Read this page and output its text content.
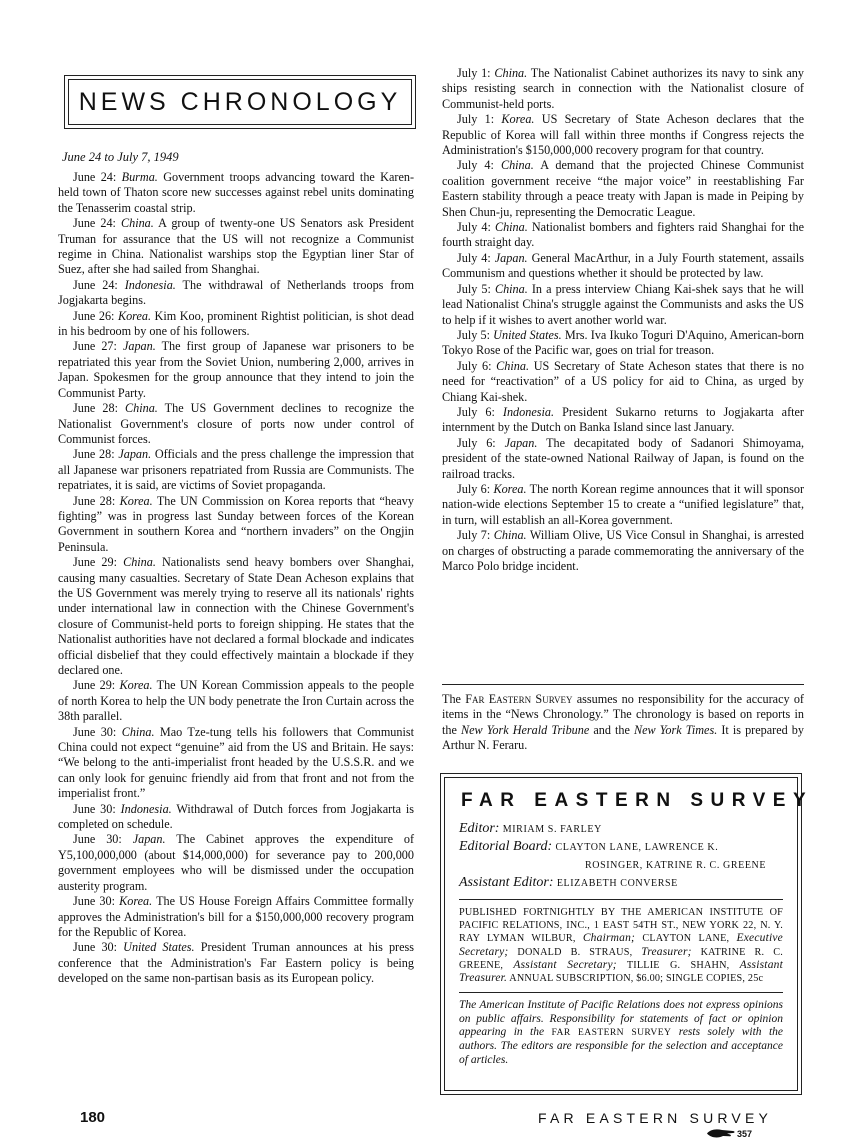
NEWS CHRONOLOGY
June 24 to July 7, 1949

June 24: Burma. Government troops advancing toward the Karen-held town of Thaton score new successes against rebel units dominating the Tenasserim coastal strip.

June 24: China. A group of twenty-one US Senators ask President Truman for assurance that the US will not recognize a Communist regime in China. Nationalist warships stop the Egyptian liner Star of Suez, after she had sailed from Shanghai.

June 24: Indonesia. The withdrawal of Netherlands troops from Jogjakarta begins.

June 26: Korea. Kim Koo, prominent Rightist politician, is shot dead in his bedroom by one of his followers.

June 27: Japan. The first group of Japanese war prisoners to be repatriated this year from the Soviet Union, numbering 2,000, arrives in Japan. Spokesmen for the group announce that they intend to join the Communist Party.

June 28: China. The US Government declines to recognize the Nationalist Government's closure of ports now under control of Communist forces.

June 28: Japan. Officials and the press challenge the impression that all Japanese war prisoners repatriated from Russia are Communists. The repatriates, it is said, are victims of Soviet propaganda.

June 28: Korea. The UN Commission on Korea reports that “heavy fighting” was in progress last Sunday between forces of the Korean Government in southern Korea and “northern invaders” on the Ongjin Peninsula.

June 29: China. Nationalists send heavy bombers over Shanghai, causing many casualties. Secretary of State Dean Acheson explains that the US Government was merely trying to reserve all its nationals' rights under international law in connection with the Chinese Government's closure of Communist-held ports to foreign shipping. He states that the Nationalist authorities have not declared a formal blockade and indicates official disbelief that they could effectively maintain a blockade if they declared one.

June 29: Korea. The UN Korean Commission appeals to the people of north Korea to help the UN body penetrate the Iron Curtain across the 38th parallel.

June 30: China. Mao Tze-tung tells his followers that Communist China could not expect “genuine” aid from the US and Britain. He says: “We belong to the anti-imperialist front headed by the U.S.S.R. and we can only look for genuinc friendly aid from that front and not from the imperialist front.”

June 30: Indonesia. Withdrawal of Dutch forces from Jogjakarta is completed on schedule.

June 30: Japan. The Cabinet approves the expenditure of Y5,100,000,000 (about $14,000,000) for severance pay to 200,000 government employees who will be dismissed under the occupation austerity program.

June 30: Korea. The US House Foreign Affairs Committee formally approves the Administration's bill for a $150,000,000 recovery program for the Republic of Korea.

June 30: United States. President Truman announces at his press conference that the Administration's Far Eastern policy is being developed on the same non-partisan basis as its European policy.

July 1: China. The Nationalist Cabinet authorizes its navy to sink any ships resisting search in connection with the Nationalist closure of Communist-held ports.

July 1: Korea. US Secretary of State Acheson declares that the Republic of Korea will fall within three months if Congress rejects the Administration's $150,000,000 recovery program for that country.

July 4: China. A demand that the projected Chinese Communist coalition government receive “the major voice” in reestablishing Far Eastern stability through a peace treaty with Japan is made in Peiping by Shen Chun-ju, representing the Democratic League.

July 4: China. Nationalist bombers and fighters raid Shanghai for the fourth straight day.

July 4: Japan. General MacArthur, in a July Fourth statement, assails Communism and questions whether it should be protected by law.

July 5: China. In a press interview Chiang Kai-shek says that he will lead Nationalist China's struggle against the Communists and asks the US to help if it wishes to avert another world war.

July 5: United States. Mrs. Iva Ikuko Toguri D'Aquino, American-born Tokyo Rose of the Pacific war, goes on trial for treason.

July 6: China. US Secretary of State Acheson states that there is no need for “reactivation” of a US policy for aid to China, as urged by Chiang Kai-shek.

July 6: Indonesia. President Sukarno returns to Jogjakarta after internment by the Dutch on Banka Island since last January.

July 6: Japan. The decapitated body of Sadanori Shimoyama, president of the state-owned National Railway of Japan, is found on the railroad tracks.

July 6: Korea. The north Korean regime announces that it will sponsor nation-wide elections September 15 to create a “unified legislature” that, in turn, will establish an all-Korea government.

July 7: China. William Olive, US Vice Consul in Shanghai, is arrested on charges of obstructing a parade commemorating the anniversary of the Marco Polo bridge incident.

The Far Eastern Survey assumes no responsibility for the accuracy of items in the “News Chronology.” The chronology is based on reports in the New York Herald Tribune and the New York Times. It is prepared by Arthur N. Feraru.

FAR EASTERN SURVEY
Editor: MIRIAM S. FARLEY
Editorial Board: CLAYTON LANE, LAWRENCE K.
ROSINGER, KATRINE R. C. GREENE
Assistant Editor: ELIZABETH CONVERSE

PUBLISHED FORTNIGHTLY BY THE AMERICAN INSTITUTE OF PACIFIC RELATIONS, INC., 1 EAST 54TH ST., NEW YORK 22, N. Y. RAY LYMAN WILBUR, Chairman; CLAYTON LANE, Executive Secretary; DONALD B. STRAUS, Treasurer; KATRINE R. C. GREENE, Assistant Secretary; TILLIE G. SHAHN, Assistant Treasurer. ANNUAL SUBSCRIPTION, $6.00; SINGLE COPIES, 25c

The American Institute of Pacific Relations does not express opinions on public affairs. Responsibility for statements of fact or opinion appearing in the FAR EASTERN SURVEY rests solely with the authors. The editors are responsible for the selection and acceptance of articles.

180	FAR EASTERN SURVEY
357
